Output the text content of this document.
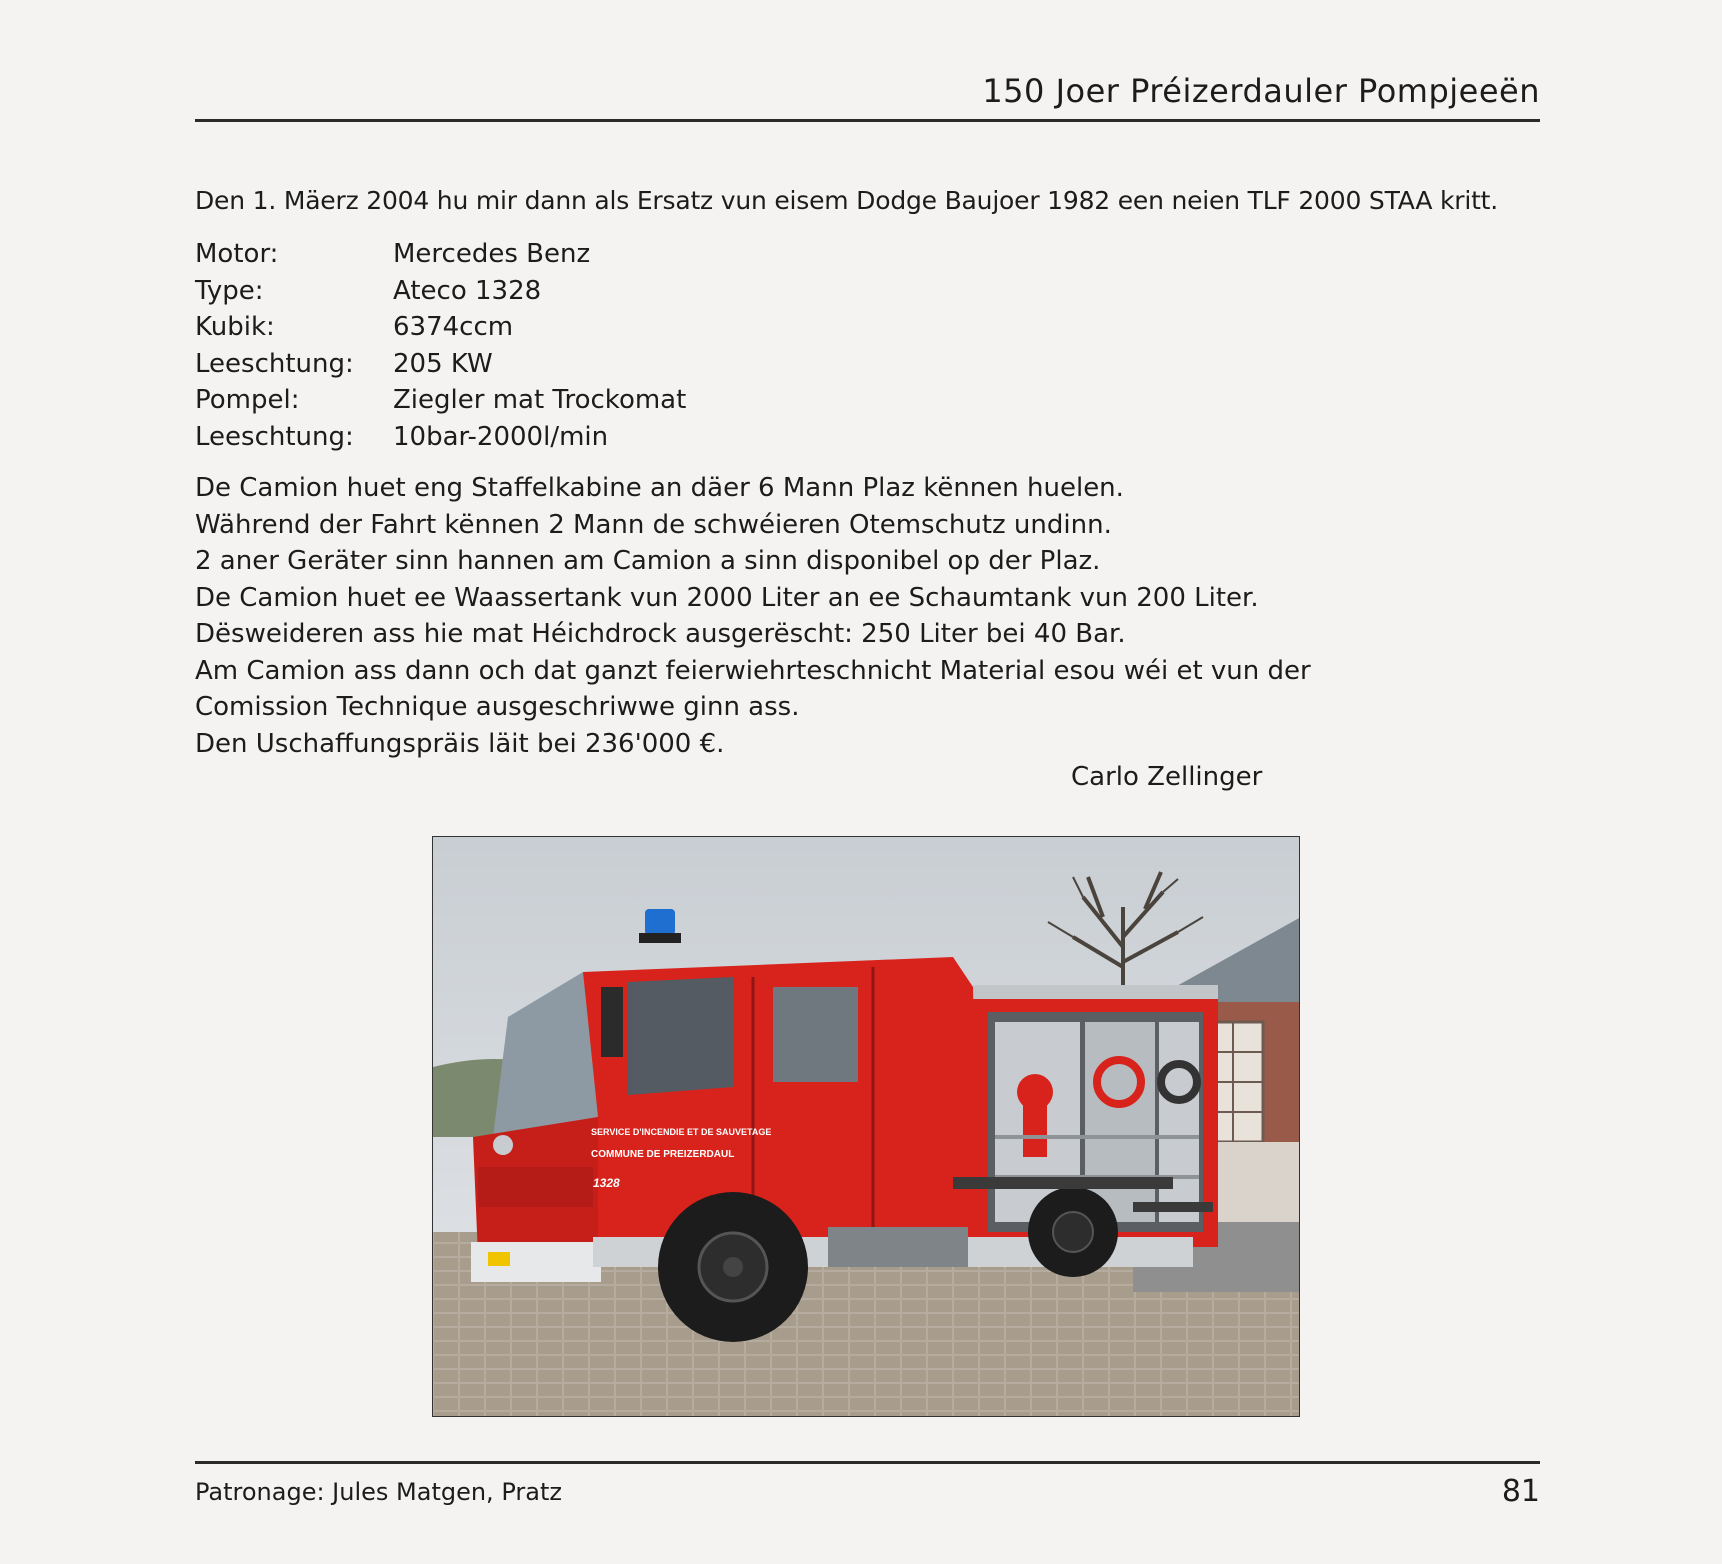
150 Joer Préizerdauler Pompjeeën
Den 1. Mäerz 2004 hu mir dann als Ersatz vun eisem Dodge Baujoer 1982 een neien TLF 2000 STAA kritt.
Motor:	Mercedes Benz
Type:	Ateco 1328
Kubik:	6374ccm
Leeschtung: 205 KW
Pompel:	Ziegler mat Trockomat
Leeschtung: 10bar-2000l/min

De Camion huet eng Staffelkabine an däer 6 Mann Plaz kënnen huelen.

Während der Fahrt kënnen 2 Mann de schwéieren Otemschutz undinn.

2 aner Geräter sinn hannen am Camion a sinn disponibel op der Plaz.

De Camion huet ee Waassertank vun 2000 Liter an ee Schaumtank vun 200 Liter.

Dësweideren ass hie mat Héichdrock ausgerëscht: 250 Liter bei 40 Bar.

Am Camion ass dann och dat ganzt feierwiehrteschnicht Material esou wéi et vun der

Comission Technique ausgeschriwwe ginn ass.

Den Uschaffungspräis läit bei 236'000 €.

Carlo Zellinger
SERVICE D'INCENDIE ET DE SAUVETAGE
COMMUNE DE PREIZERDAUL
1328
Patronage: Jules Matgen, Pratz	81
